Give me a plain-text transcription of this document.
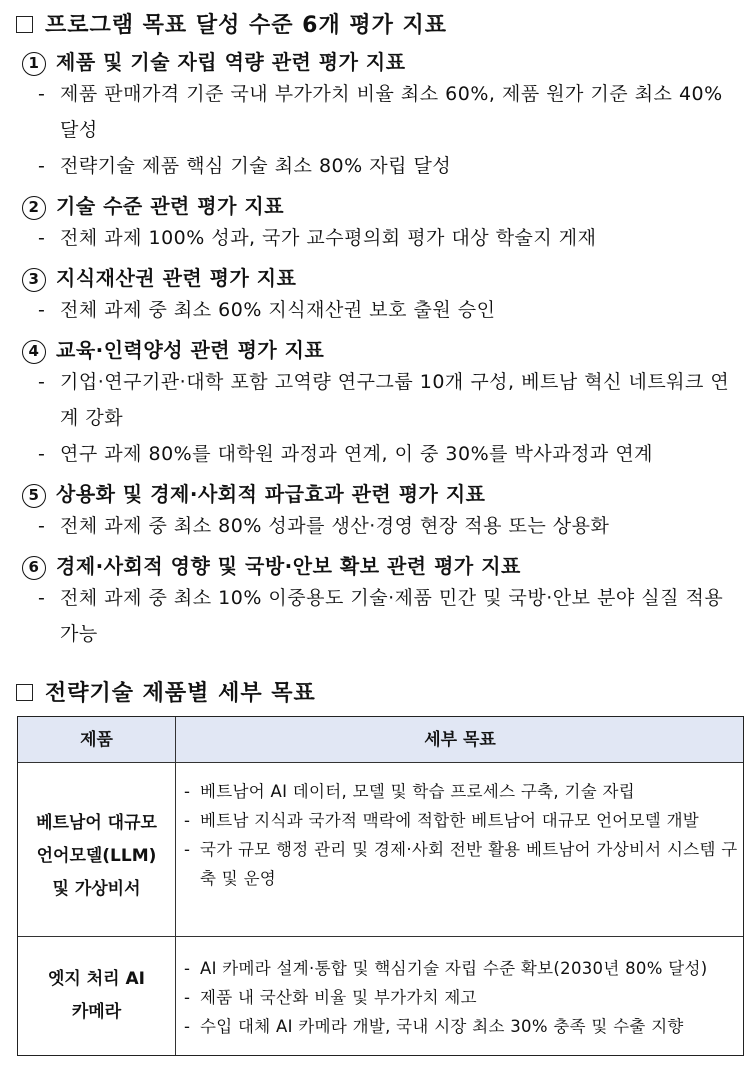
프로그램 목표 달성 수준 6개 평가 지표
1 제품 및 기술 자립 역량 관련 평가 지표
- 제품 판매가격 기준 국내 부가가치 비율 최소 60%, 제품 원가 기준 최소 40% 달성
- 전략기술 제품 핵심 기술 최소 80% 자립 달성
2 기술 수준 관련 평가 지표
- 전체 과제 100% 성과, 국가 교수평의회 평가 대상 학술지 게재
3 지식재산권 관련 평가 지표
- 전체 과제 중 최소 60% 지식재산권 보호 출원 승인
4 교육·인력양성 관련 평가 지표
- 기업·연구기관·대학 포함 고역량 연구그룹 10개 구성, 베트남 혁신 네트워크 연계 강화
- 연구 과제 80%를 대학원 과정과 연계, 이 중 30%를 박사과정과 연계
5 상용화 및 경제·사회적 파급효과 관련 평가 지표
- 전체 과제 중 최소 80% 성과를 생산·경영 현장 적용 또는 상용화
6 경제·사회적 영향 및 국방·안보 확보 관련 평가 지표
- 전체 과제 중 최소 10% 이중용도 기술·제품 민간 및 국방·안보 분야 실질 적용 가능
전략기술 제품별 세부 목표
제품	세부 목표
베트남어 대규모
언어모델(LLM)
및 가상비서
- 베트남어 AI 데이터, 모델 및 학습 프로세스 구축, 기술 자립
- 베트남 지식과 국가적 맥락에 적합한 베트남어 대규모 언어모델 개발
- 국가 규모 행정 관리 및 경제·사회 전반 활용 베트남어 가상비서 시스템 구축 및 운영
엣지 처리 AI
카메라
- AI 카메라 설계·통합 및 핵심기술 자립 수준 확보(2030년 80% 달성)
- 제품 내 국산화 비율 및 부가가치 제고
- 수입 대체 AI 카메라 개발, 국내 시장 최소 30% 충족 및 수출 지향
